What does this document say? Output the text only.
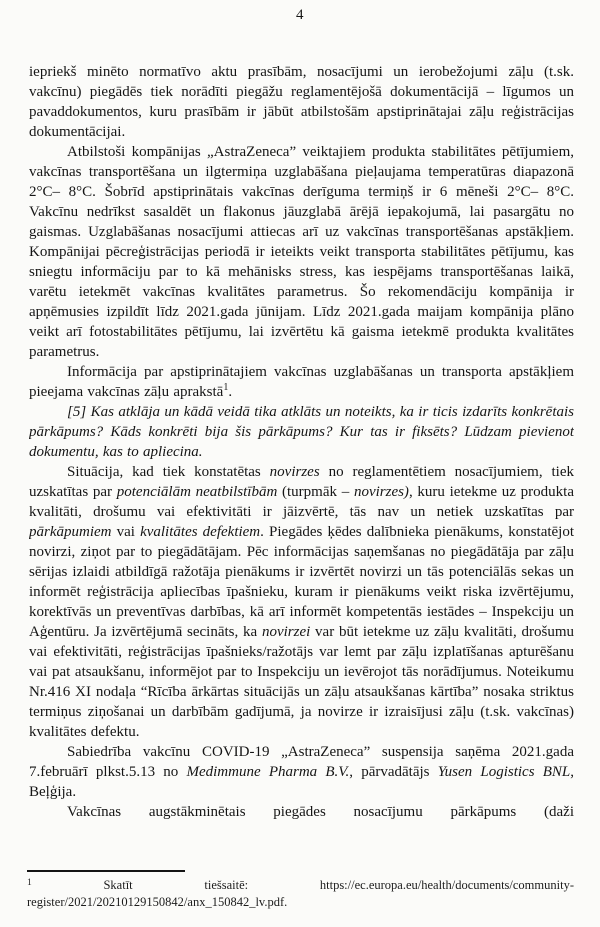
4

iepriekš minēto normatīvo aktu prasībām, nosacījumi un ierobežojumi zāļu (t.sk. vakcīnu) piegādēs tiek norādīti piegāžu reglamentējošā dokumentācijā – līgumos un pavaddokumentos, kuru prasībām ir jābūt atbilstošām apstiprinātajai zāļu reģistrācijas dokumentācijai.

Atbilstoši kompānijas „AstraZeneca” veiktajiem produkta stabilitātes pētījumiem, vakcīnas transportēšana un ilgtermiņa uzglabāšana pieļaujama temperatūras diapazonā 2°C– 8°C. Šobrīd apstiprinātais vakcīnas derīguma termiņš ir 6 mēneši 2°C– 8°C. Vakcīnu nedrīkst sasaldēt un flakonus jāuzglabā ārējā iepakojumā, lai pasargātu no gaismas. Uzglabāšanas nosacījumi attiecas arī uz vakcīnas transportēšanas apstākļiem. Kompānijai pēcreģistrācijas periodā ir ieteikts veikt transporta stabilitātes pētījumu, kas sniegtu informāciju par to kā mehānisks stress, kas iespējams transportēšanas laikā, varētu ietekmēt vakcīnas kvalitātes parametrus. Šo rekomendāciju kompānija ir apņēmusies izpildīt līdz 2021.gada jūnijam. Līdz 2021.gada maijam kompānija plāno veikt arī fotostabilitātes pētījumu, lai izvērtētu kā gaisma ietekmē produkta kvalitātes parametrus.

Informācija par apstiprinātajiem vakcīnas uzglabāšanas un transporta apstākļiem pieejama vakcīnas zāļu aprakstā$^1$.

[5] Kas atklāja un kādā veidā tika atklāts un noteikts, ka ir ticis izdarīts konkrētais pārkāpums? Kāds konkrēti bija šis pārkāpums? Kur tas ir fiksēts? Lūdzam pievienot dokumentu, kas to apliecina.

Situācija, kad tiek konstatētas novirzes no reglamentētiem nosacījumiem, tiek uzskatītas par potenciālām neatbilstībām (turpmāk – novirzes), kuru ietekme uz produkta kvalitāti, drošumu vai efektivitāti ir jāizvērtē, tās nav un netiek uzskatītas par pārkāpumiem vai kvalitātes defektiem. Piegādes ķēdes dalībnieka pienākums, konstatējot novirzi, ziņot par to piegādātājam. Pēc informācijas saņemšanas no piegādātāja par zāļu sērijas izlaidi atbildīgā ražotāja pienākums ir izvērtēt novirzi un tās potenciālās sekas un informēt reģistrācija apliecības īpašnieku, kuram ir pienākums veikt riska izvērtējumu, korektīvās un preventīvas darbības, kā arī informēt kompetentās iestādes – Inspekciju un Aģentūru. Ja izvērtējumā secināts, ka novirzei var būt ietekme uz zāļu kvalitāti, drošumu vai efektivitāti, reģistrācijas īpašnieks/ražotājs var lemt par zāļu izplatīšanas apturēšanu vai pat atsaukšanu, informējot par to Inspekciju un ievērojot tās norādījumus. Noteikumu Nr.416 XI nodaļa “Rīcība ārkārtas situācijās un zāļu atsaukšanas kārtība” nosaka striktus termiņus ziņošanai un darbībām gadījumā, ja novirze ir izraisījusi zāļu (t.sk. vakcīnas) kvalitātes defektu.

Sabiedrība vakcīnu COVID-19 „AstraZeneca” suspensija saņēma 2021.gada 7.februārī plkst.5.13 no Medimmune Pharma B.V., pārvadātājs Yusen Logistics BNL, Beļģija.

Vakcīnas augstākminētais piegādes nosacījumu pārkāpums (daži

1	Skatīt	tiešsaitē:	https://ec.europa.eu/health/documents/community-
register/2021/20210129150842/anx_150842_lv.pdf.
